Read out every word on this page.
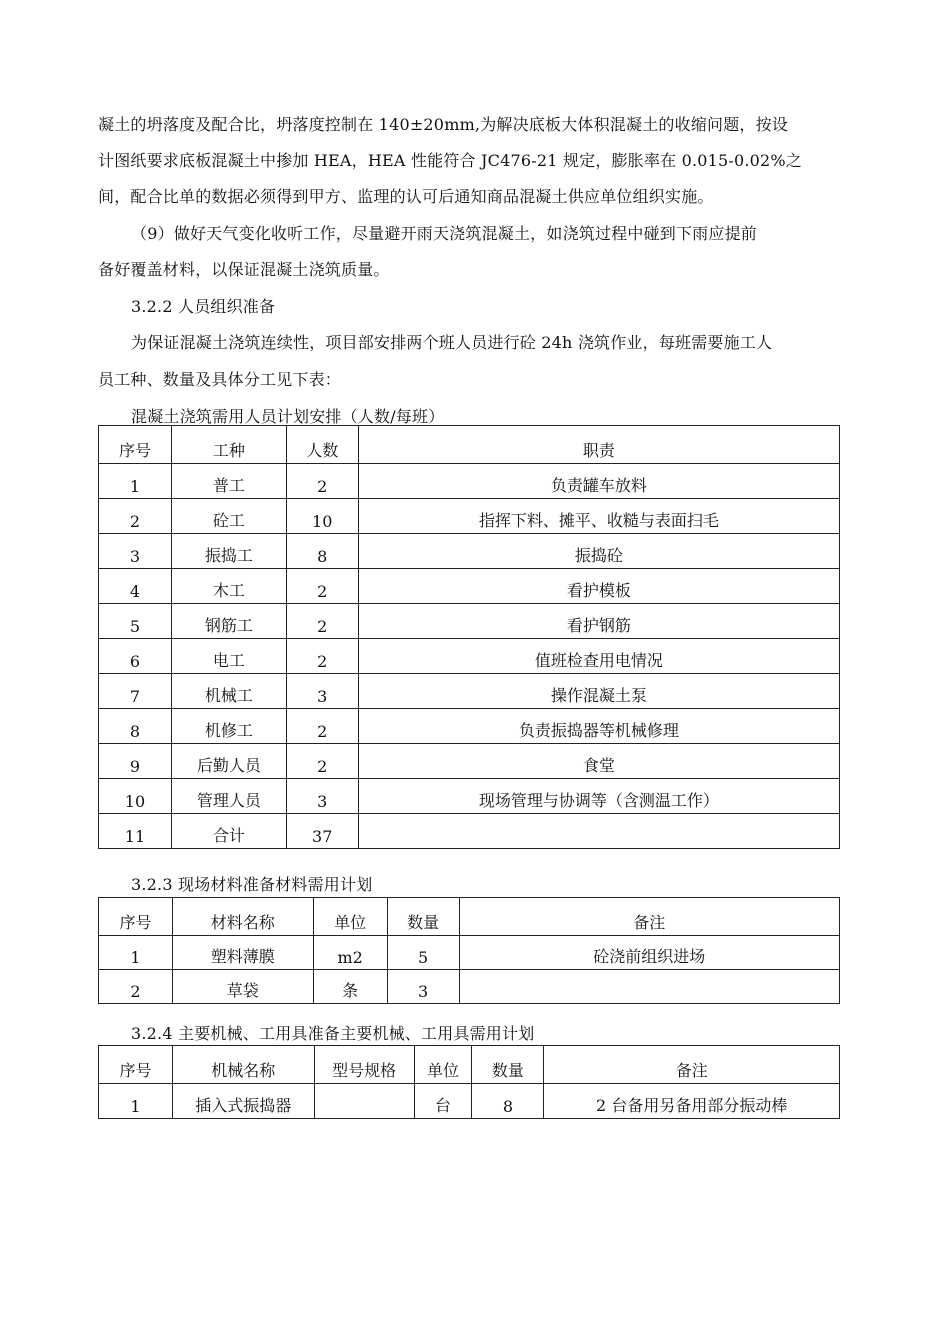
凝土的坍落度及配合比，坍落度控制在 140±20mm,为解决底板大体积混凝土的收缩问题，按设
计图纸要求底板混凝土中掺加 HEA，HEA 性能符合 JC476-21 规定，膨胀率在 0.015-0.02%之
间，配合比单的数据必须得到甲方、监理的认可后通知商品混凝土供应单位组织实施。
（9）做好天气变化收听工作，尽量避开雨天浇筑混凝土，如浇筑过程中碰到下雨应提前
备好覆盖材料，以保证混凝土浇筑质量。
3.2.2 人员组织准备
为保证混凝土浇筑连续性，项目部安排两个班人员进行砼 24h 浇筑作业，每班需要施工人
员工种、数量及具体分工见下表：
混凝土浇筑需用人员计划安排（人数/每班）
序号	工种	人数	职责

1	普工	2	负责罐车放料

2	砼工	10	指挥下料、摊平、收糙与表面扫毛

3	振捣工	8	振捣砼

4	木工	2	看护模板

5	钢筋工	2	看护钢筋

6	电工	2	值班检查用电情况

7	机械工	3	操作混凝土泵

8	机修工	2	负责振捣器等机械修理

9	后勤人员	2	食堂

10	管理人员	3	现场管理与协调等（含测温工作）

11	合计	37	

3.2.3 现场材料准备材料需用计划
序号	材料名称	单位	数量	备注

1	塑料薄膜	m2	5	砼浇前组织进场

2	草袋	条	3	

3.2.4 主要机械、工用具准备主要机械、工用具需用计划
序号	机械名称	型号规格	单位	数量	备注

1	插入式振捣器		台	8	2 台备用另备用部分振动棒
